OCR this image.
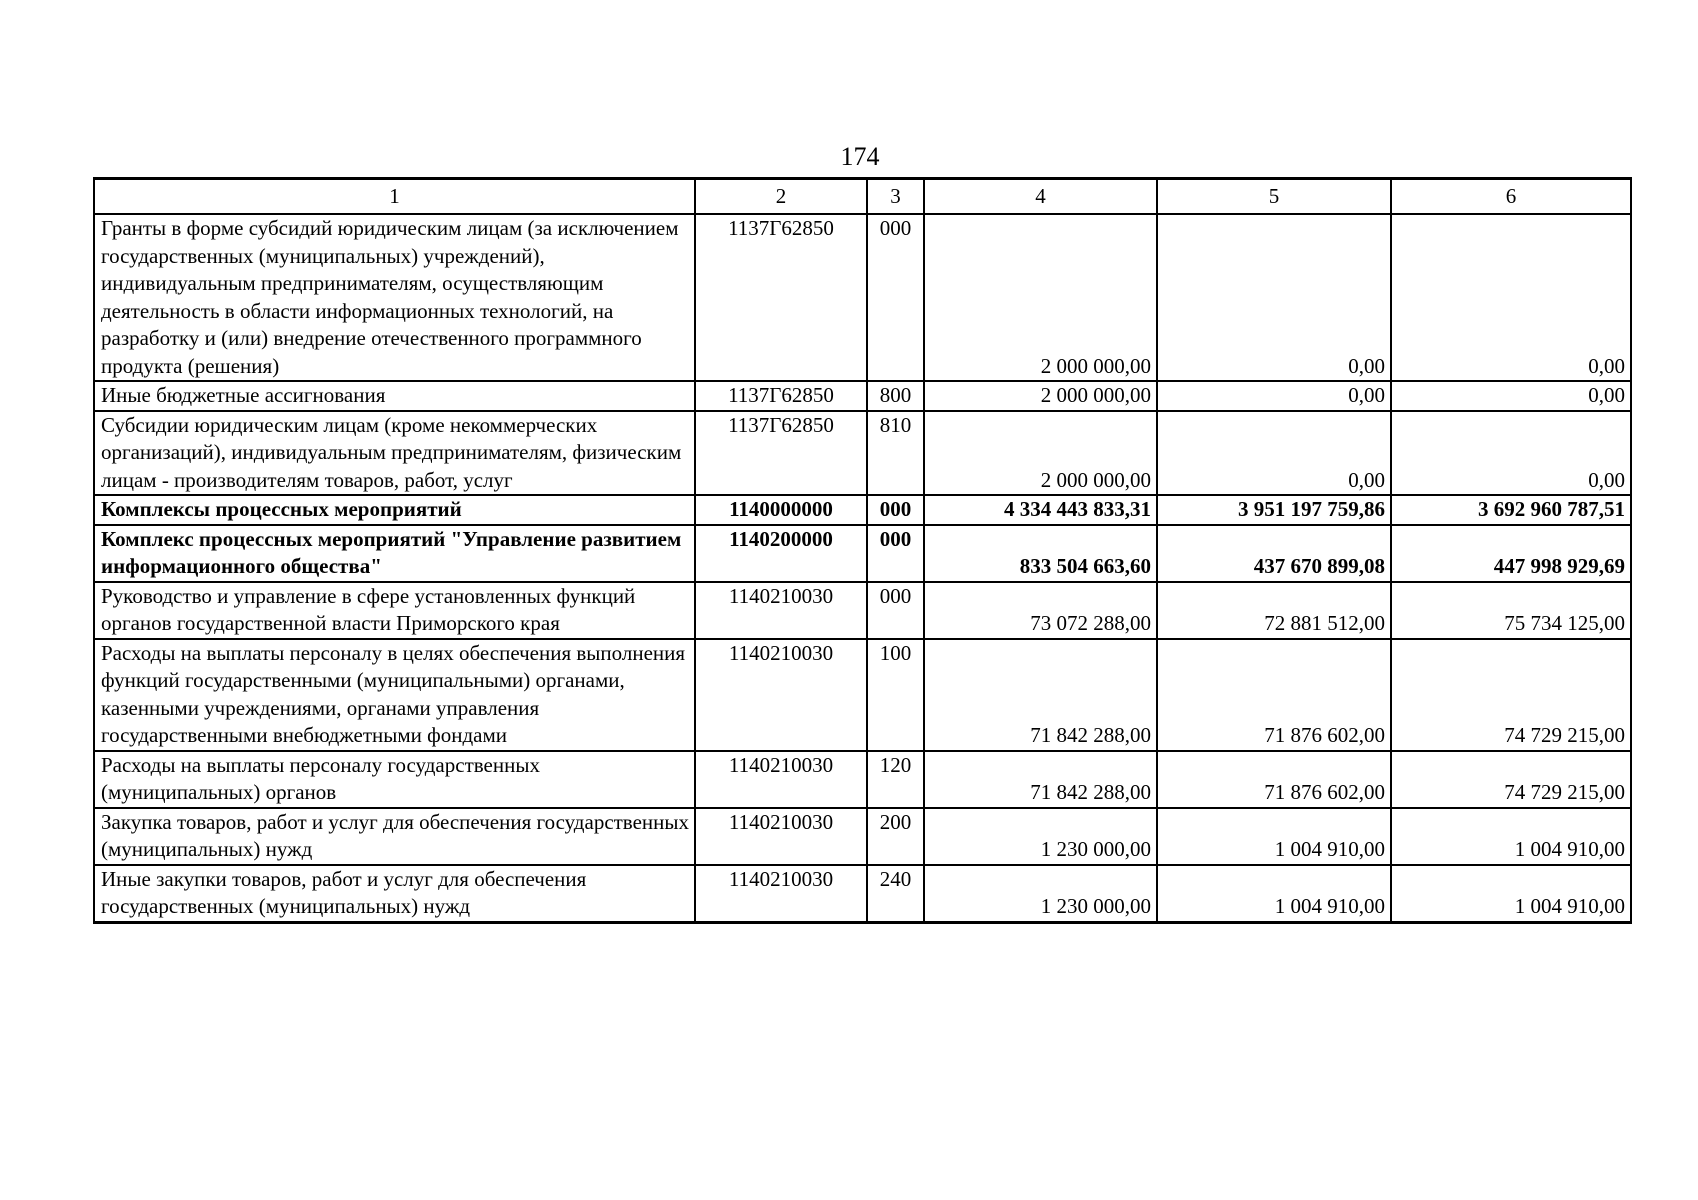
174
1	2	3	4	5	6
Гранты в форме субсидий юридическим лицам (за исключением государственных (муниципальных) учреждений), индивидуальным предпринимателям, осуществляющим деятельность в области информационных технологий, на разработку и (или) внедрение отечественного программного продукта (решения)	1137Г62850	000	2 000 000,00	0,00	0,00
Иные бюджетные ассигнования	1137Г62850	800	2 000 000,00	0,00	0,00
Субсидии юридическим лицам (кроме некоммерческих организаций), индивидуальным предпринимателям, физическим лицам - производителям товаров, работ, услуг	1137Г62850	810	2 000 000,00	0,00	0,00
Комплексы процессных мероприятий	1140000000	000	4 334 443 833,31	3 951 197 759,86	3 692 960 787,51
Комплекс процессных мероприятий "Управление развитием информационного общества"	1140200000	000	833 504 663,60	437 670 899,08	447 998 929,69
Руководство и управление в сфере установленных функций органов государственной власти Приморского края	1140210030	000	73 072 288,00	72 881 512,00	75 734 125,00
Расходы на выплаты персоналу в целях обеспечения выполнения функций государственными (муниципальными) органами, казенными учреждениями, органами управления государственными внебюджетными фондами	1140210030	100	71 842 288,00	71 876 602,00	74 729 215,00
Расходы на выплаты персоналу государственных (муниципальных) органов	1140210030	120	71 842 288,00	71 876 602,00	74 729 215,00
Закупка товаров, работ и услуг для обеспечения государственных (муниципальных) нужд	1140210030	200	1 230 000,00	1 004 910,00	1 004 910,00
Иные закупки товаров, работ и услуг для обеспечения государственных (муниципальных) нужд	1140210030	240	1 230 000,00	1 004 910,00	1 004 910,00
